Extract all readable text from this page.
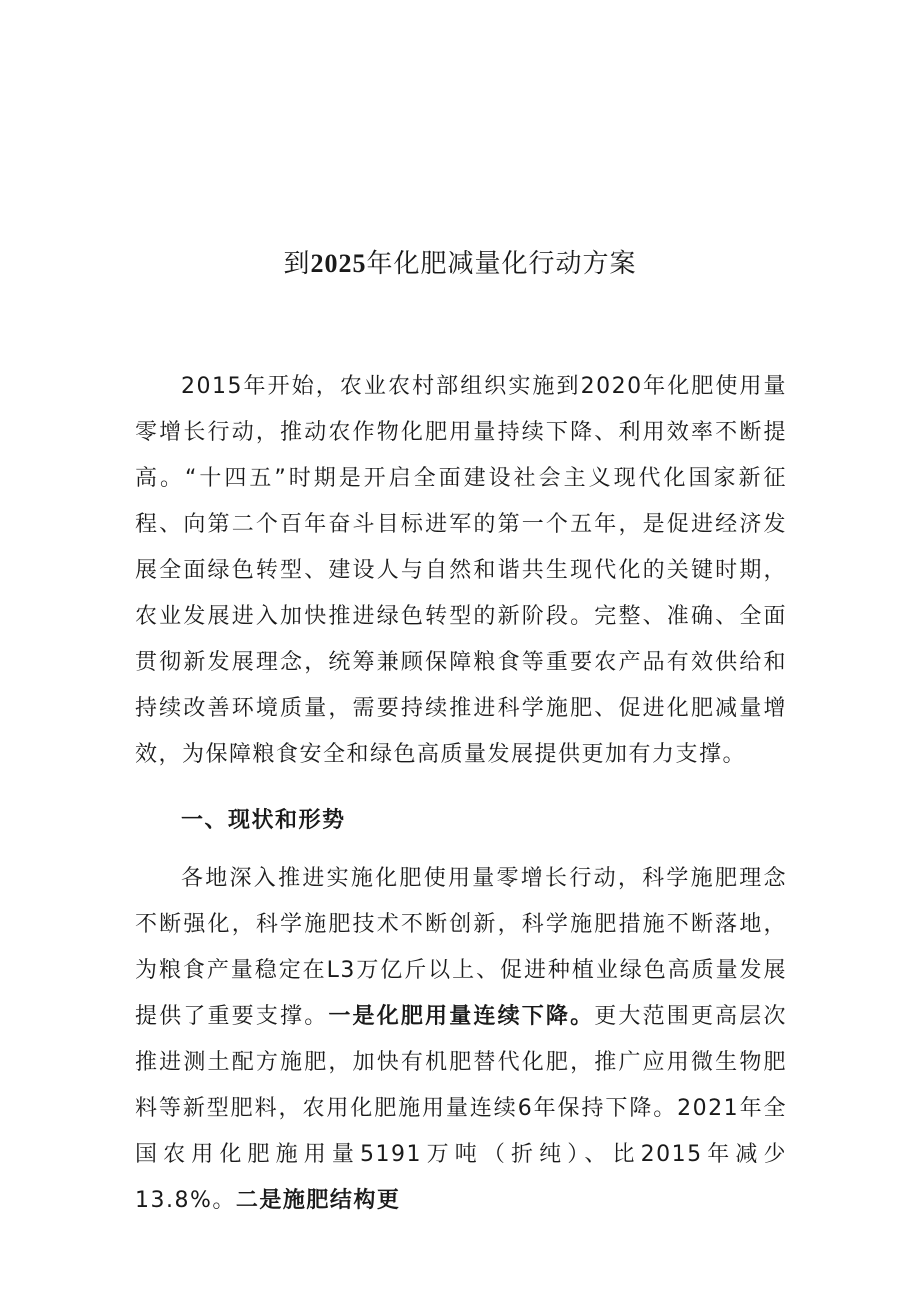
到2025年化肥减量化行动方案

2015年开始，农业农村部组织实施到2020年化肥使用量零增长行动，推动农作物化肥用量持续下降、利用效率不断提高。“十四五”时期是开启全面建设社会主义现代化国家新征程、向第二个百年奋斗目标进军的第一个五年，是促进经济发展全面绿色转型、建设人与自然和谐共生现代化的关键时期，农业发展进入加快推进绿色转型的新阶段。完整、准确、全面贯彻新发展理念，统筹兼顾保障粮食等重要农产品有效供给和持续改善环境质量，需要持续推进科学施肥、促进化肥减量增效，为保障粮食安全和绿色高质量发展提供更加有力支撑。

一、现状和形势

各地深入推进实施化肥使用量零增长行动，科学施肥理念不断强化，科学施肥技术不断创新，科学施肥措施不断落地，为粮食产量稳定在L3万亿斤以上、促进种植业绿色高质量发展提供了重要支撑。一是化肥用量连续下降。更大范围更高层次推进测土配方施肥，加快有机肥替代化肥，推广应用微生物肥料等新型肥料，农用化肥施用量连续6年保持下降。2021年全国农用化肥施用量5191万吨（折纯）、比2015年减少13.8%。二是施肥结构更
